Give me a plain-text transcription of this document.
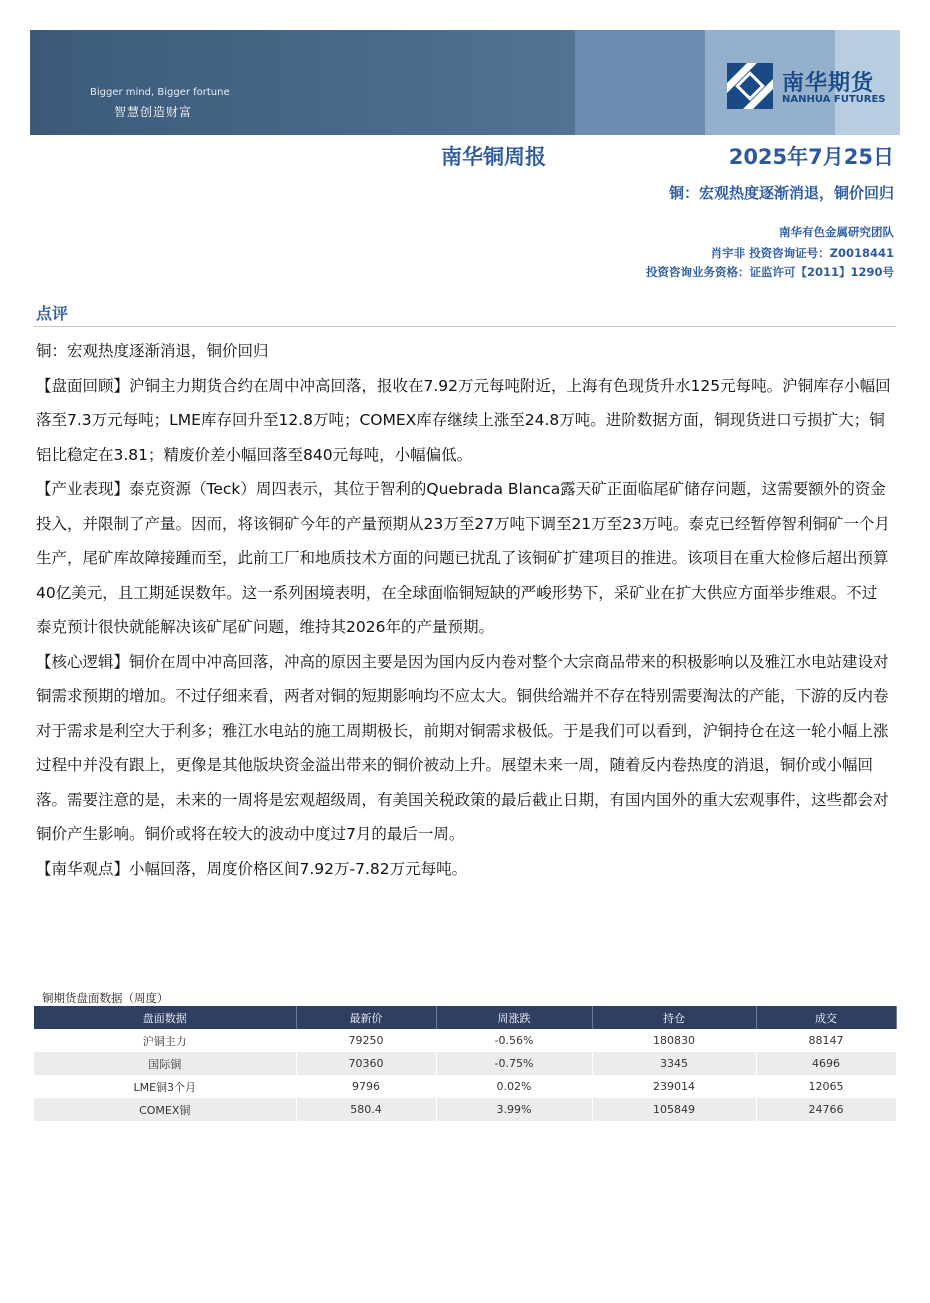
Bigger mind, Bigger fortune
智慧创造财富
南华期货
NANHUA FUTURES
南华铜周报	2025年7月25日
铜：宏观热度逐渐消退，铜价回归
南华有色金属研究团队
肖宇非 投资咨询证号：Z0018441
投资咨询业务资格：证监许可【2011】1290号
点评

铜：宏观热度逐渐消退，铜价回归

【盘面回顾】沪铜主力期货合约在周中冲高回落，报收在7.92万元每吨附近，上海有色现货升水125元每吨。沪铜库存小幅回落至7.3万元每吨；LME库存回升至12.8万吨；COMEX库存继续上涨至24.8万吨。进阶数据方面，铜现货进口亏损扩大；铜铝比稳定在3.81；精废价差小幅回落至840元每吨，小幅偏低。

【产业表现】泰克资源（Teck）周四表示，其位于智利的Quebrada Blanca露天矿正面临尾矿储存问题，这需要额外的资金投入，并限制了产量。因而，将该铜矿今年的产量预期从23万至27万吨下调至21万至23万吨。泰克已经暂停智利铜矿一个月生产，尾矿库故障接踵而至，此前工厂和地质技术方面的问题已扰乱了该铜矿扩建项目的推进。该项目在重大检修后超出预算40亿美元，且工期延误数年。这一系列困境表明，在全球面临铜短缺的严峻形势下，采矿业在扩大供应方面举步维艰。不过泰克预计很快就能解决该矿尾矿问题，维持其2026年的产量预期。

【核心逻辑】铜价在周中冲高回落，冲高的原因主要是因为国内反内卷对整个大宗商品带来的积极影响以及雅江水电站建设对铜需求预期的增加。不过仔细来看，两者对铜的短期影响均不应太大。铜供给端并不存在特别需要淘汰的产能，下游的反内卷对于需求是利空大于利多；雅江水电站的施工周期极长，前期对铜需求极低。于是我们可以看到，沪铜持仓在这一轮小幅上涨过程中并没有跟上，更像是其他版块资金溢出带来的铜价被动上升。展望未来一周，随着反内卷热度的消退，铜价或小幅回落。需要注意的是，未来的一周将是宏观超级周，有美国关税政策的最后截止日期，有国内国外的重大宏观事件，这些都会对铜价产生影响。铜价或将在较大的波动中度过7月的最后一周。

【南华观点】小幅回落，周度价格区间7.92万-7.82万元每吨。

铜期货盘面数据（周度）
盘面数据	最新价	周涨跌	持仓	成交
沪铜主力	79250	-0.56%	180830	88147
国际铜	70360	-0.75%	3345	4696
LME铜3个月	9796	0.02%	239014	12065
COMEX铜	580.4	3.99%	105849	24766
